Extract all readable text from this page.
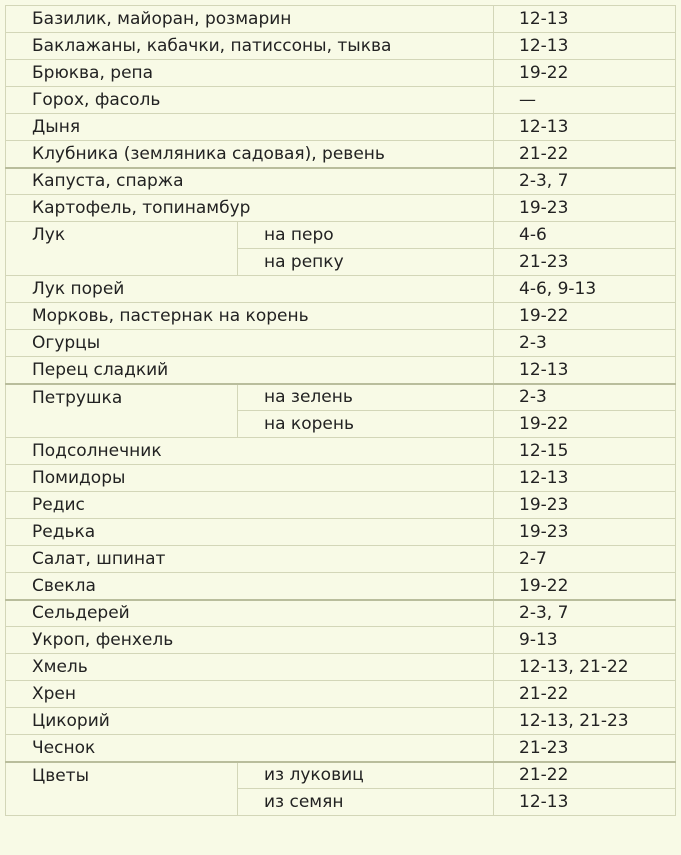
Базилик, майоран, розмарин		12-13
Баклажаны, кабачки, патиссоны, тыква		12-13
Брюква, репа		19-22
Горох, фасоль		—
Дыня		12-13
Клубника (земляника садовая), ревень		21-22
Капуста, спаржа		2-3, 7
Картофель, топинамбур		19-23
Лук	на перо	4-6
	на репку	21-23
Лук порей		4-6, 9-13
Морковь, пастернак на корень		19-22
Огурцы		2-3
Перец сладкий		12-13
Петрушка	на зелень	2-3
	на корень	19-22
Подсолнечник		12-15
Помидоры		12-13
Редис		19-23
Редька		19-23
Салат, шпинат		2-7
Свекла		19-22
Сельдерей		2-3, 7
Укроп, фенхель		9-13
Хмель		12-13, 21-22
Хрен		21-22
Цикорий		12-13, 21-23
Чеснок		21-23
Цветы	из луковиц	21-22
	из семян	12-13
